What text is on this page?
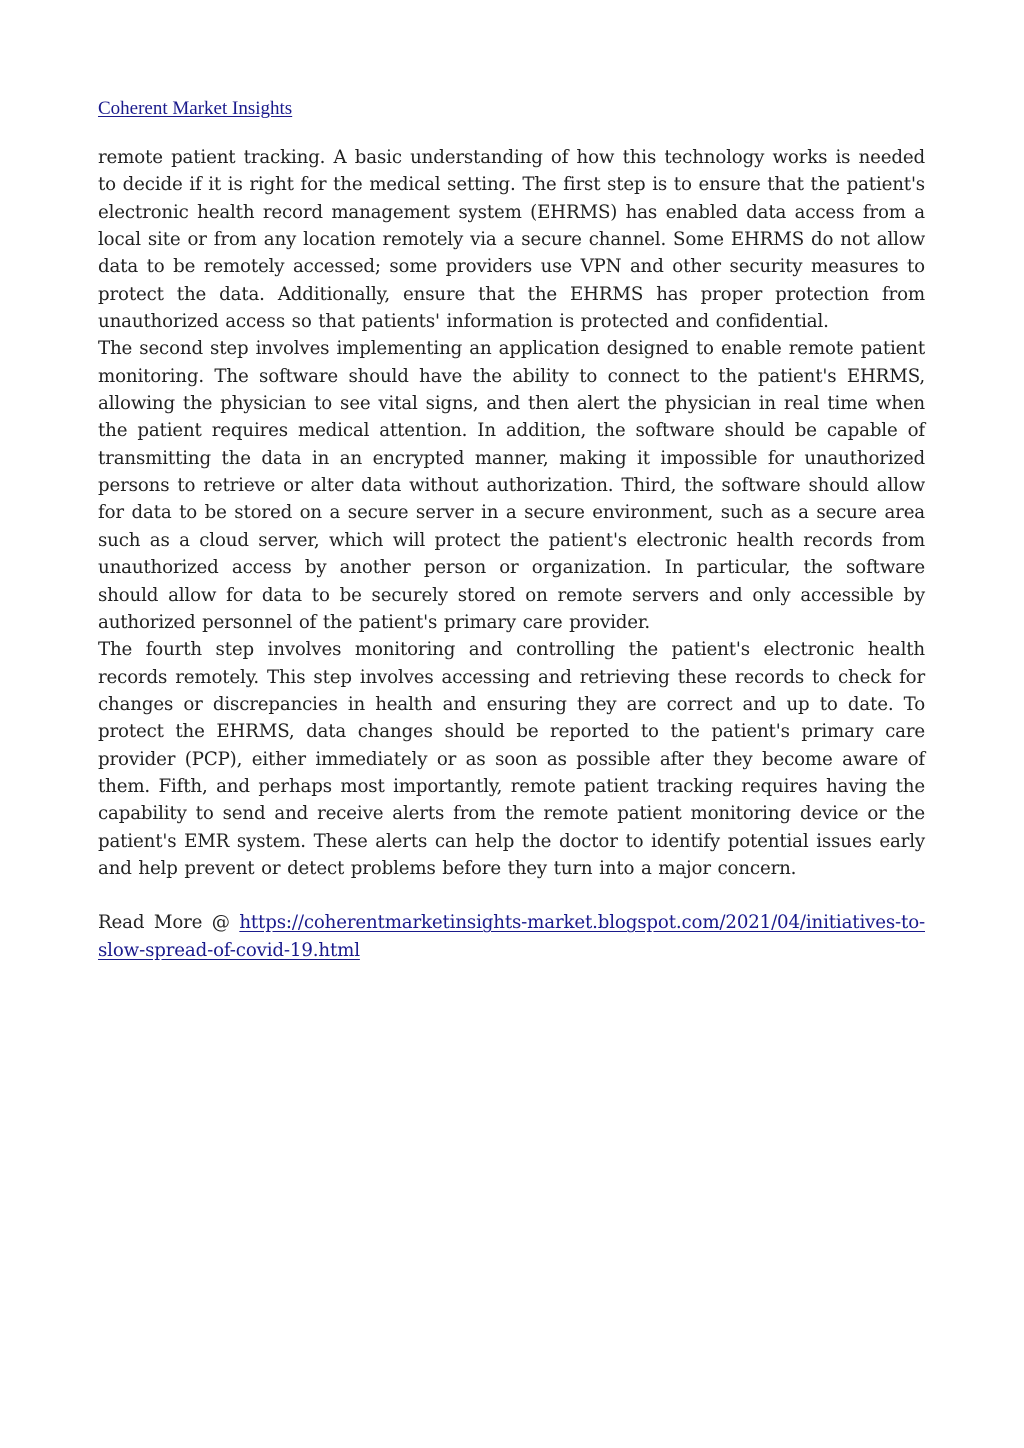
Coherent Market Insights

remote patient tracking. A basic understanding of how this technology works is needed to decide if it is right for the medical setting. The first step is to ensure that the patient's electronic health record management system (EHRMS) has enabled data access from a local site or from any location remotely via a secure channel. Some EHRMS do not allow data to be remotely accessed; some providers use VPN and other security measures to protect the data. Additionally, ensure that the EHRMS has proper protection from unauthorized access so that patients' information is protected and confidential.

The second step involves implementing an application designed to enable remote patient monitoring. The software should have the ability to connect to the patient's EHRMS, allowing the physician to see vital signs, and then alert the physician in real time when the patient requires medical attention. In addition, the software should be capable of transmitting the data in an encrypted manner, making it impossible for unauthorized persons to retrieve or alter data without authorization. Third, the software should allow for data to be stored on a secure server in a secure environment, such as a secure area such as a cloud server, which will protect the patient's electronic health records from unauthorized access by another person or organization. In particular, the software should allow for data to be securely stored on remote servers and only accessible by authorized personnel of the patient's primary care provider.

The fourth step involves monitoring and controlling the patient's electronic health records remotely. This step involves accessing and retrieving these records to check for changes or discrepancies in health and ensuring they are correct and up to date. To protect the EHRMS, data changes should be reported to the patient's primary care provider (PCP), either immediately or as soon as possible after they become aware of them. Fifth, and perhaps most importantly, remote patient tracking requires having the capability to send and receive alerts from the remote patient monitoring device or the patient's EMR system. These alerts can help the doctor to identify potential issues early and help prevent or detect problems before they turn into a major concern.

Read More @ https://coherentmarketinsights-market.blogspot.com/2021/04/initiatives-to-slow-spread-of-covid-19.html
